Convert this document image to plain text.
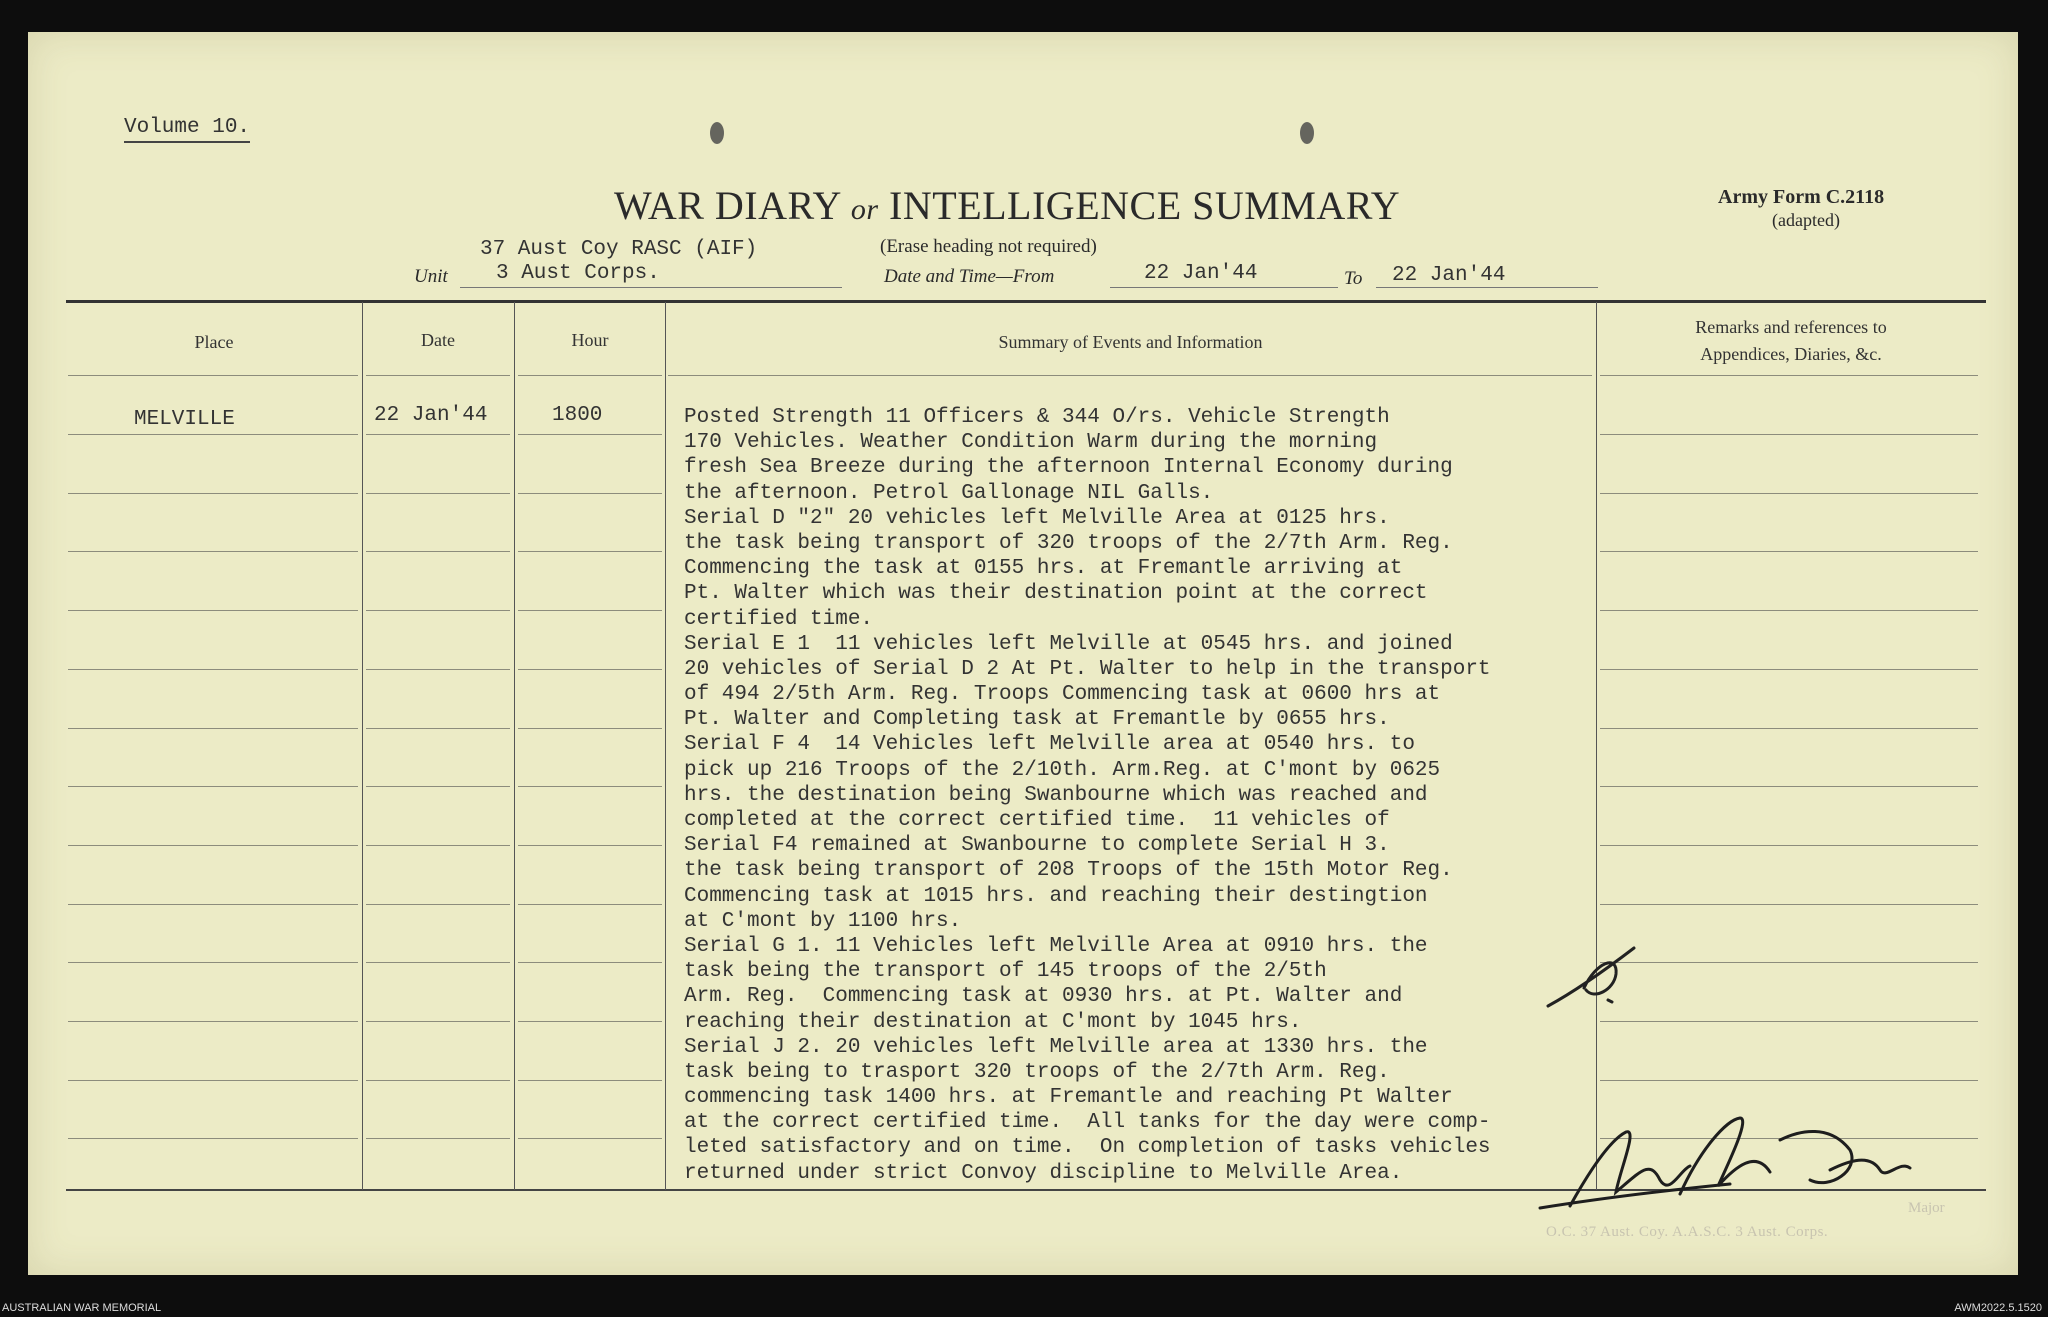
Volume 10.
WAR DIARY or INTELLIGENCE SUMMARY	Army Form C.2118
(adapted)
37 Aust Coy RASC (AIF)	(Erase heading not required)
Unit 3 Aust Corps.	Date and Time—From	22 Jan'44	To 22 Jan'44
Place	Date	Hour	Summary of Events and Information
Remarks and references to
Appendices, Diaries, &c.
MELVILLE	22 Jan'44	1800	Posted Strength 11 Officers & 344 O/rs. Vehicle Strength
170 Vehicles. Weather Condition Warm during the morning
fresh Sea Breeze during the afternoon Internal Economy during
the afternoon. Petrol Gallonage NIL Galls.
Serial D "2" 20 vehicles left Melville Area at 0125 hrs.
the task being transport of 320 troops of the 2/7th Arm. Reg.
Commencing the task at 0155 hrs. at Fremantle arriving at
Pt. Walter which was their destination point at the correct
certified time.
Serial E 1  11 vehicles left Melville at 0545 hrs. and joined
20 vehicles of Serial D 2 At Pt. Walter to help in the transport
of 494 2/5th Arm. Reg. Troops Commencing task at 0600 hrs at
Pt. Walter and Completing task at Fremantle by 0655 hrs.
Serial F 4  14 Vehicles left Melville area at 0540 hrs. to
pick up 216 Troops of the 2/10th. Arm.Reg. at C'mont by 0625
hrs. the destination being Swanbourne which was reached and
completed at the correct certified time.  11 vehicles of
Serial F4 remained at Swanbourne to complete Serial H 3.
the task being transport of 208 Troops of the 15th Motor Reg.
Commencing task at 1015 hrs. and reaching their destingtion
at C'mont by 1100 hrs.
Serial G 1. 11 Vehicles left Melville Area at 0910 hrs. the
task being the transport of 145 troops of the 2/5th
Arm. Reg.  Commencing task at 0930 hrs. at Pt. Walter and
reaching their destination at C'mont by 1045 hrs.
Serial J 2. 20 vehicles left Melville area at 1330 hrs. the
task being to trasport 320 troops of the 2/7th Arm. Reg.
commencing task 1400 hrs. at Fremantle and reaching Pt Walter
at the correct certified time.  All tanks for the day were comp-
leted satisfactory and on time.  On completion of tasks vehicles
returned under strict Convoy discipline to Melville Area.
Major
O.C. 37 Aust. Coy. A.A.S.C. 3 Aust. Corps.
AUSTRALIAN WAR MEMORIAL	AWM2022.5.1520
